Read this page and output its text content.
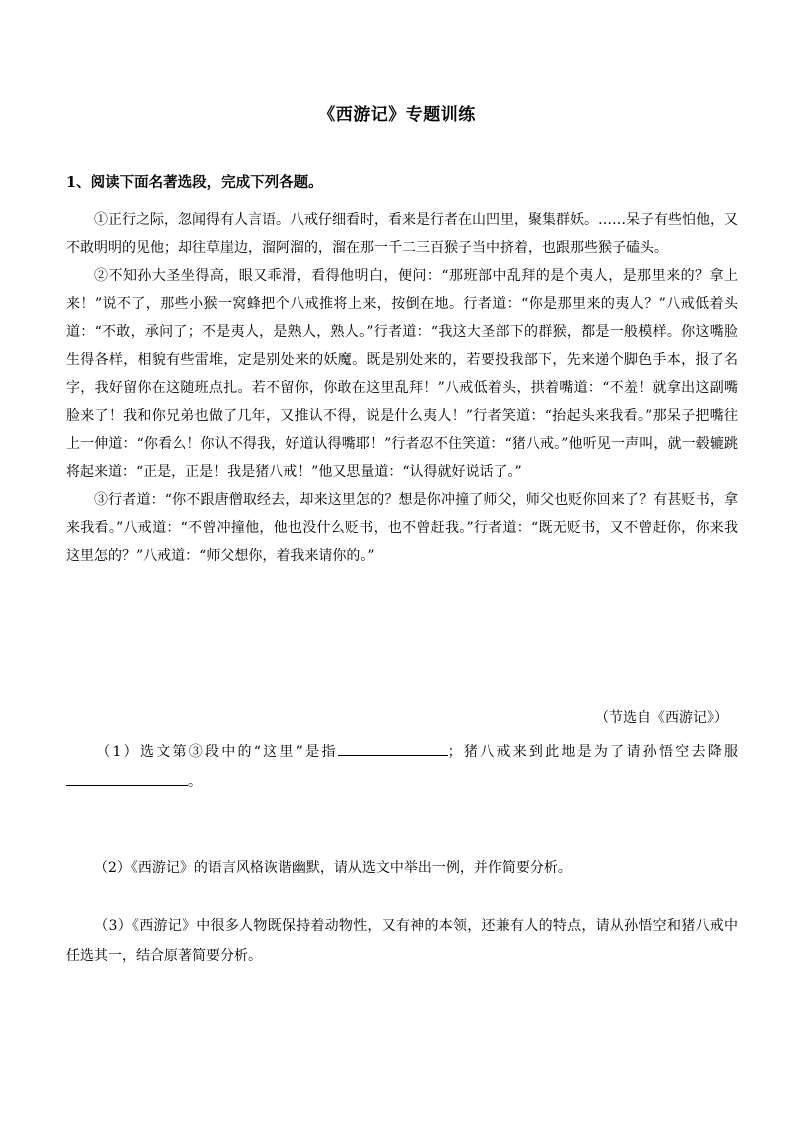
《西游记》专题训练
1、阅读下面名著选段，完成下列各题。

①正行之际，忽闻得有人言语。八戒仔细看时，看来是行者在山凹里，聚集群妖。……呆子有些怕他，又不敢明明的见他；却往草崖边，溜阿溜的，溜在那一千二三百猴子当中挤着，也跟那些猴子磕头。

②不知孙大圣坐得高，眼又乖滑，看得他明白，便问：“那班部中乱拜的是个夷人，是那里来的？拿上来！”说不了，那些小猴一窝蜂把个八戒推将上来，按倒在地。行者道：“你是那里来的夷人？”八戒低着头道：“不敢，承问了；不是夷人，是熟人，熟人。”行者道：“我这大圣部下的群猴，都是一般模样。你这嘴脸生得各样，相貌有些雷堆，定是别处来的妖魔。既是别处来的，若要投我部下，先来递个脚色手本，报了名字，我好留你在这随班点扎。若不留你，你敢在这里乱拜！”八戒低着头，拱着嘴道：“不羞！就拿出这副嘴脸来了！我和你兄弟也做了几年，又推认不得，说是什么夷人！”行者笑道：“抬起头来我看。”那呆子把嘴往上一伸道：“你看么！你认不得我，好道认得嘴耶！”行者忍不住笑道：“猪八戒。”他听见一声叫，就一毂辘跳将起来道：“正是，正是！我是猪八戒！”他又思量道：“认得就好说话了。”

③行者道：“你不跟唐僧取经去，却来这里怎的？想是你冲撞了师父，师父也贬你回来了？有甚贬书，拿来我看。”八戒道：“不曾冲撞他，他也没什么贬书，也不曾赶我。”行者道：“既无贬书，又不曾赶你，你来我这里怎的？”八戒道：“师父想你，着我来请你的。”

（节选自《西游记》）
（1）选文第③段中的“这里”是指	；猪八戒来到此地是为了请孙悟空去降服。
（2）《西游记》的语言风格诙谐幽默，请从选文中举出一例，并作简要分析。
（3）《西游记》中很多人物既保持着动物性，又有神的本领，还兼有人的特点，请从孙悟空和猪八戒中任选其一，结合原著简要分析。
